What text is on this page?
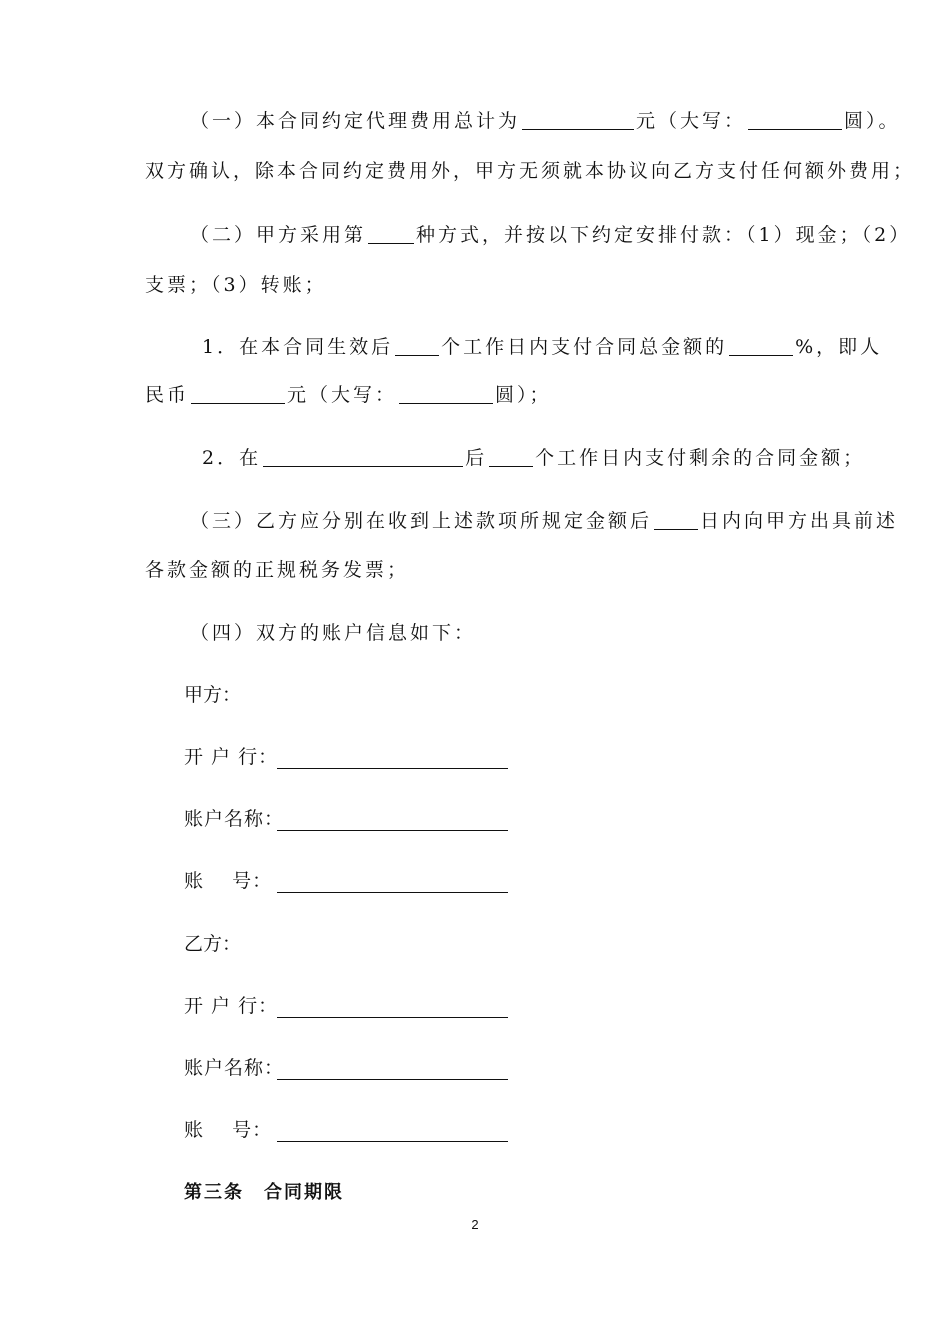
（一）本合同约定代理费用总计为	元（大写：	圆）。
双方确认，除本合同约定费用外，甲方无须就本协议向乙方支付任何额外费用；
（二）甲方采用第	种方式，并按以下约定安排付款：（1）现金；（2）
支票；（3）转账；
1．在本合同生效后	个工作日内支付合同总金额的	%，即人
民币	元（大写：	圆）；
2．在	后	个工作日内支付剩余的合同金额；
（三）乙方应分别在收到上述款项所规定金额后	日内向甲方出具前述
各款金额的正规税务发票；
（四）双方的账户信息如下：
甲方：
开 户 行：
账户名称：
账    号：
乙方：
开 户 行：
账户名称：
账    号：
第三条　合同期限
2
